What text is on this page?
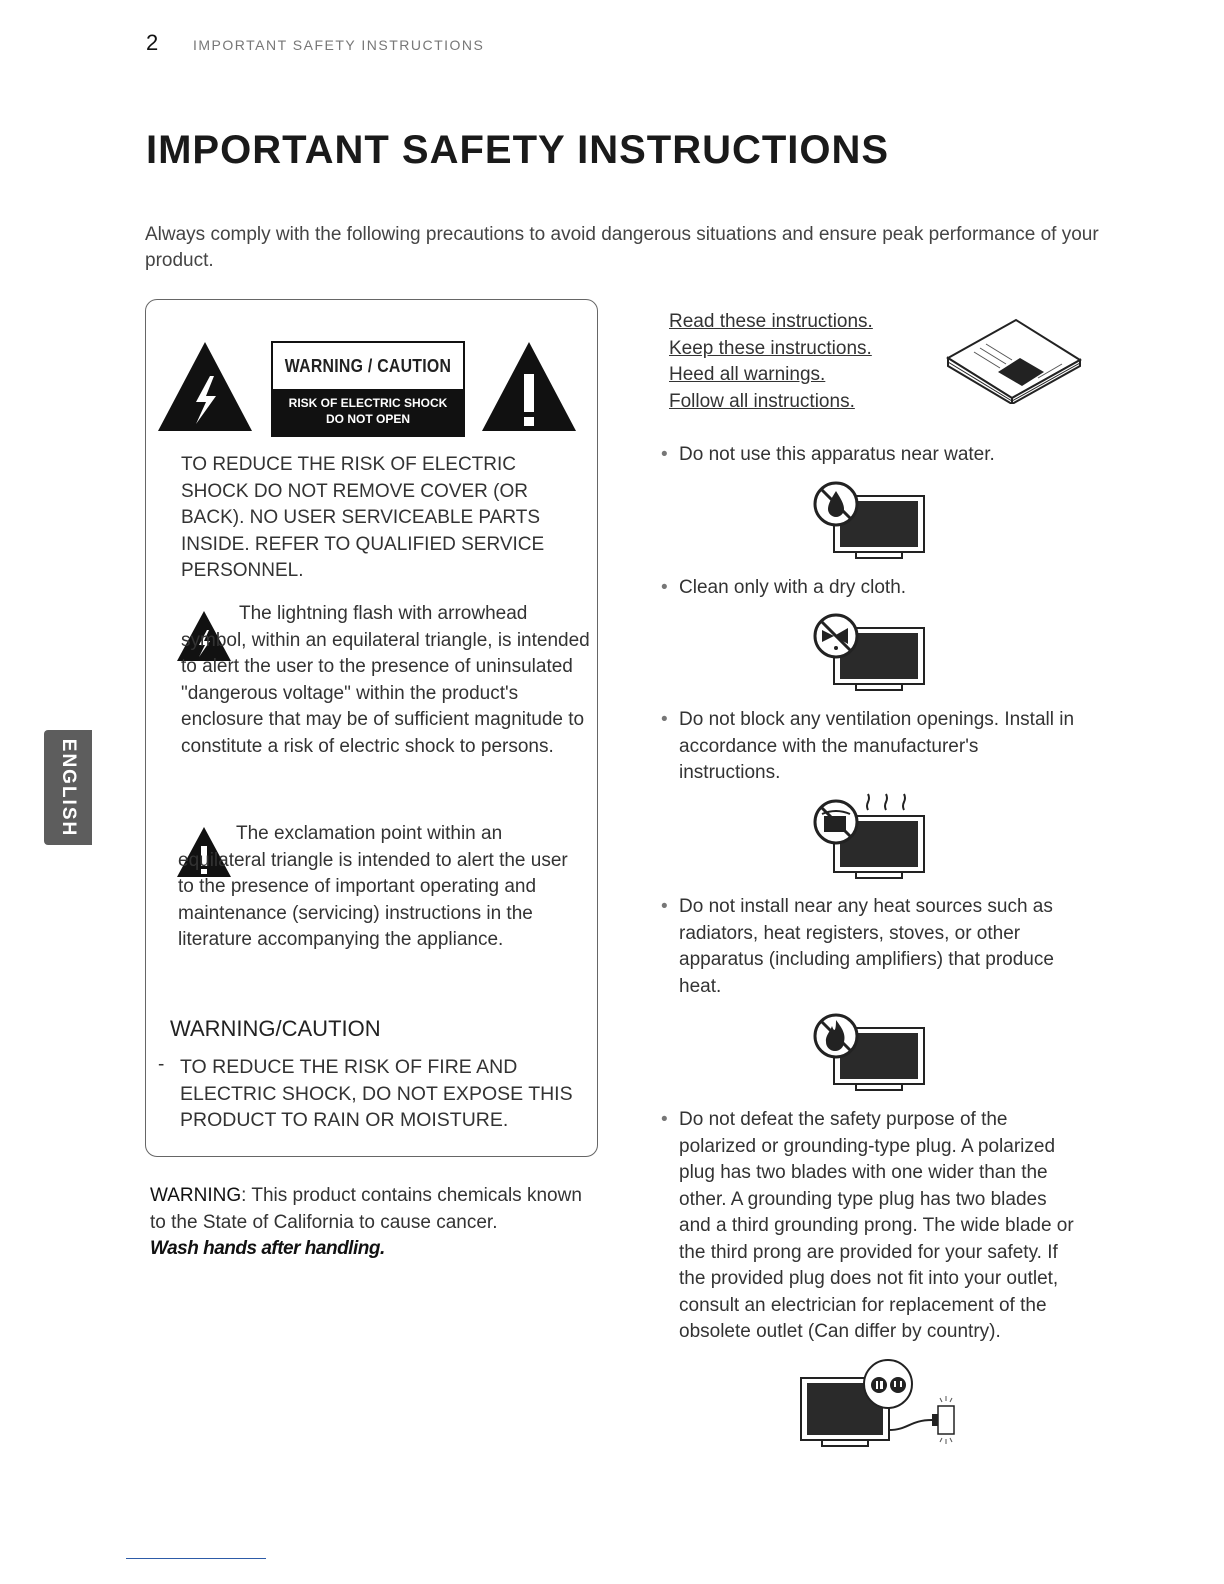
2 IMPORTANT SAFETY INSTRUCTIONS
IMPORTANT SAFETY INSTRUCTIONS
Always comply with the following precautions to avoid dangerous situations and ensure peak performance of your product.
ENGLISH
WARNING / CAUTION
RISK OF ELECTRIC SHOCK
DO NOT OPEN
TO REDUCE THE RISK OF ELECTRIC SHOCK DO NOT REMOVE COVER (OR BACK). NO USER SERVICEABLE PARTS INSIDE. REFER TO QUALIFIED SERVICE PERSONNEL.
The lightning flash with arrowhead symbol, within an equilateral triangle, is intended to alert the user to the presence of uninsulated "dangerous voltage" within the product's enclosure that may be of sufficient magnitude to constitute a risk of electric shock to persons.
The exclamation point within an equilateral triangle is intended to alert the user to the presence of important operating and maintenance (servicing) instructions in the literature accompanying the appliance.
WARNING/CAUTION
- TO REDUCE THE RISK OF FIRE AND ELECTRIC SHOCK, DO NOT EXPOSE THIS PRODUCT TO RAIN OR MOISTURE.
WARNING: This product contains chemicals known to the State of California to cause cancer.
Wash hands after handling.
Read these instructions.
Keep these instructions.
Heed all warnings.
Follow all instructions.
• Do not use this apparatus near water.
• Clean only with a dry cloth.
• Do not block any ventilation openings. Install in accordance with the manufacturer's instructions.
• Do not install near any heat sources such as radiators, heat registers, stoves, or other apparatus (including amplifiers) that produce heat.
• Do not defeat the safety purpose of the polarized or grounding-type plug. A polarized plug has two blades with one wider than the other. A grounding type plug has two blades and a third grounding prong. The wide blade or the third prong are provided for your safety. If the provided plug does not fit into your outlet, consult an electrician for replacement of the obsolete outlet (Can differ by country).
